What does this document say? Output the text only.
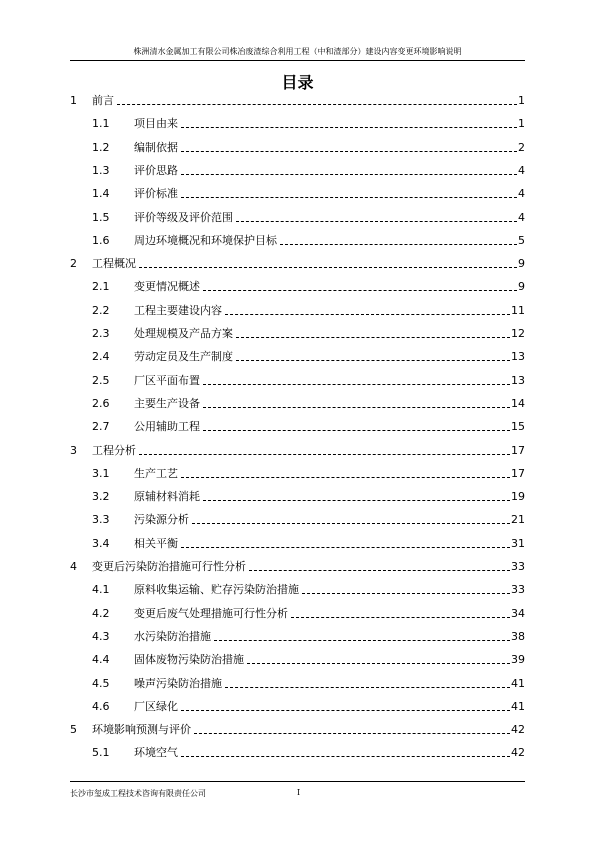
株洲清水金属加工有限公司株冶废渣综合利用工程（中和渣部分）建设内容变更环境影响说明
目录
1	前言	1
1.1	项目由来	1
1.2	编制依据	2
1.3	评价思路	4
1.4	评价标准	4
1.5	评价等级及评价范围	4
1.6	周边环境概况和环境保护目标	5
2	工程概况	9
2.1	变更情况概述	9
2.2	工程主要建设内容	11
2.3	处理规模及产品方案	12
2.4	劳动定员及生产制度	13
2.5	厂区平面布置	13
2.6	主要生产设备	14
2.7	公用辅助工程	15
3	工程分析	17
3.1	生产工艺	17
3.2	原辅材料消耗	19
3.3	污染源分析	21
3.4	相关平衡	31
4	变更后污染防治措施可行性分析	33
4.1	原料收集运输、贮存污染防治措施	33
4.2	变更后废气处理措施可行性分析	34
4.3	水污染防治措施	38
4.4	固体废物污染防治措施	39
4.5	噪声污染防治措施	41
4.6	厂区绿化	41
5	环境影响预测与评价	42
5.1	环境空气	42
长沙市玺成工程技术咨询有限责任公司	I
